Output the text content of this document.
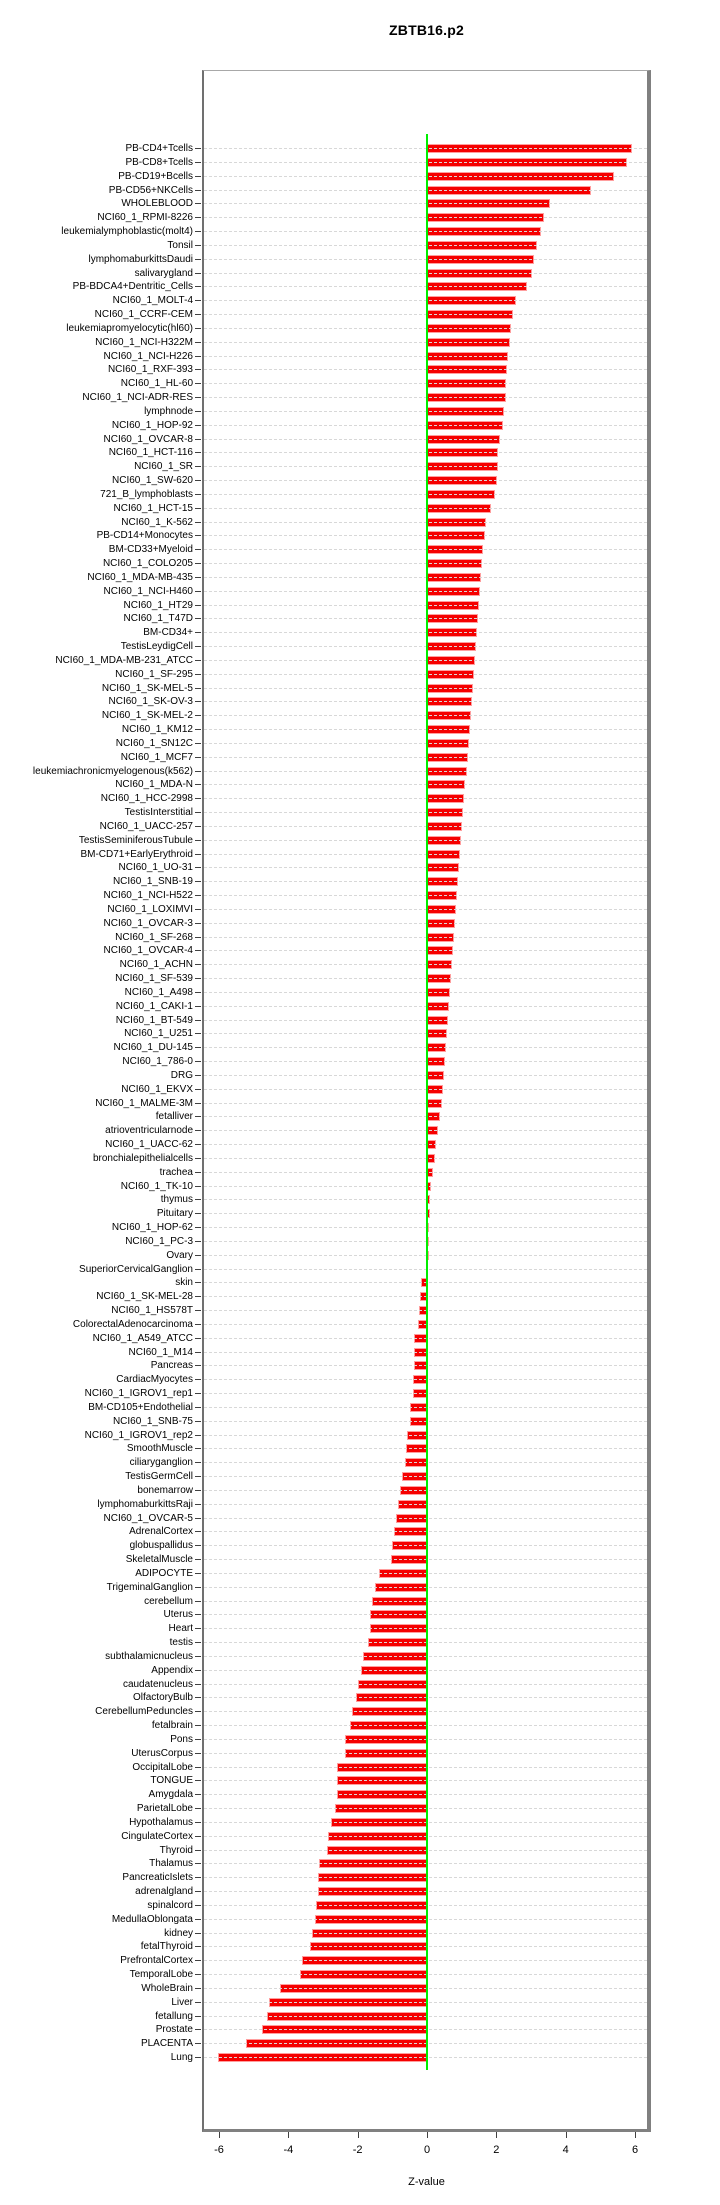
ZBTB16.p2
PB-CD4+Tcells
PB-CD8+Tcells
PB-CD19+Bcells
PB-CD56+NKCells
WHOLEBLOOD
NCI60_1_RPMI-8226
leukemialymphoblastic(molt4)
Tonsil
lymphomaburkittsDaudi
salivarygland
PB-BDCA4+Dentritic_Cells
NCI60_1_MOLT-4
NCI60_1_CCRF-CEM
leukemiapromyelocytic(hl60)
NCI60_1_NCI-H322M
NCI60_1_NCI-H226
NCI60_1_RXF-393
NCI60_1_HL-60
NCI60_1_NCI-ADR-RES
lymphnode
NCI60_1_HOP-92
NCI60_1_OVCAR-8
NCI60_1_HCT-116
NCI60_1_SR
NCI60_1_SW-620
721_B_lymphoblasts
NCI60_1_HCT-15
NCI60_1_K-562
PB-CD14+Monocytes
BM-CD33+Myeloid
NCI60_1_COLO205
NCI60_1_MDA-MB-435
NCI60_1_NCI-H460
NCI60_1_HT29
NCI60_1_T47D
BM-CD34+
TestisLeydigCell
NCI60_1_MDA-MB-231_ATCC
NCI60_1_SF-295
NCI60_1_SK-MEL-5
NCI60_1_SK-OV-3
NCI60_1_SK-MEL-2
NCI60_1_KM12
NCI60_1_SN12C
NCI60_1_MCF7
leukemiachronicmyelogenous(k562)
NCI60_1_MDA-N
NCI60_1_HCC-2998
TestisInterstitial
NCI60_1_UACC-257
TestisSeminiferousTubule
BM-CD71+EarlyErythroid
NCI60_1_UO-31
NCI60_1_SNB-19
NCI60_1_NCI-H522
NCI60_1_LOXIMVI
NCI60_1_OVCAR-3
NCI60_1_SF-268
NCI60_1_OVCAR-4
NCI60_1_ACHN
NCI60_1_SF-539
NCI60_1_A498
NCI60_1_CAKI-1
NCI60_1_BT-549
NCI60_1_U251
NCI60_1_DU-145
NCI60_1_786-0
DRG
NCI60_1_EKVX
NCI60_1_MALME-3M
fetalliver
atrioventricularnode
NCI60_1_UACC-62
bronchialepithelialcells
trachea
NCI60_1_TK-10
thymus
Pituitary
NCI60_1_HOP-62
NCI60_1_PC-3
Ovary
SuperiorCervicalGanglion
skin
NCI60_1_SK-MEL-28
NCI60_1_HS578T
ColorectalAdenocarcinoma
NCI60_1_A549_ATCC
NCI60_1_M14
Pancreas
CardiacMyocytes
NCI60_1_IGROV1_rep1
BM-CD105+Endothelial
NCI60_1_SNB-75
NCI60_1_IGROV1_rep2
SmoothMuscle
ciliaryganglion
TestisGermCell
bonemarrow
lymphomaburkittsRaji
NCI60_1_OVCAR-5
AdrenalCortex
globuspallidus
SkeletalMuscle
ADIPOCYTE
TrigeminalGanglion
cerebellum
Uterus
Heart
testis
subthalamicnucleus
Appendix
caudatenucleus
OlfactoryBulb
CerebellumPeduncles
fetalbrain
Pons
UterusCorpus
OccipitalLobe
TONGUE
Amygdala
ParietalLobe
Hypothalamus
CingulateCortex
Thyroid
Thalamus
PancreaticIslets
adrenalgland
spinalcord
MedullaOblongata
kidney
fetalThyroid
PrefrontalCortex
TemporalLobe
WholeBrain
Liver
fetallung
Prostate
PLACENTA
Lung
-6	-4	-2	0	2	4	6
Z-value
